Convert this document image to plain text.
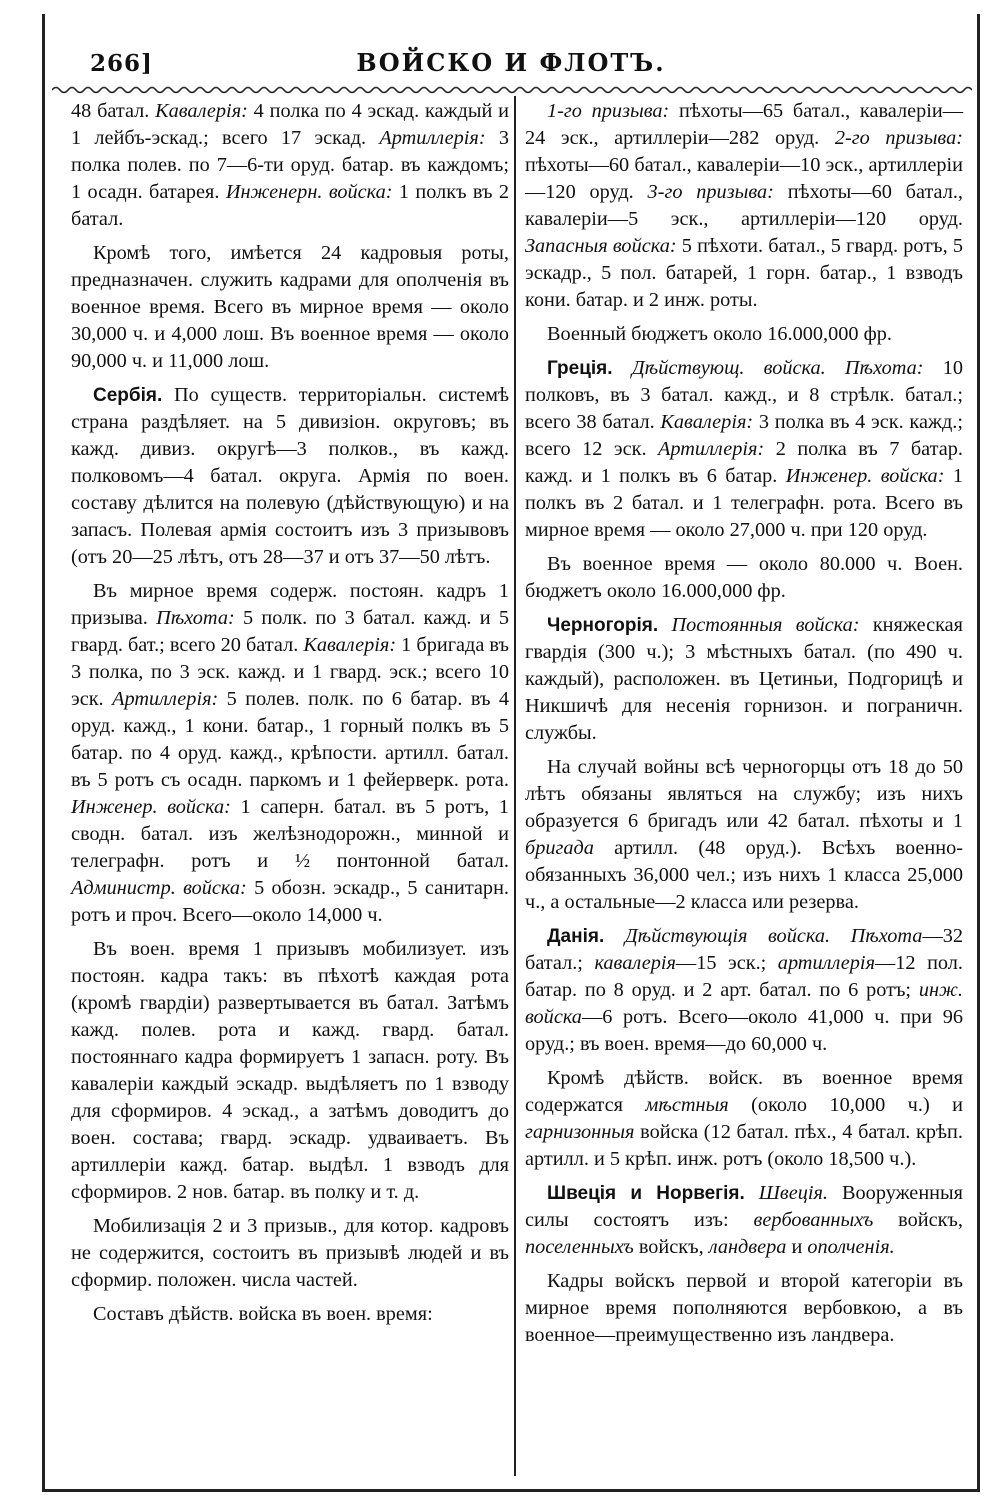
266]	ВОЙСКО И ФЛОТЪ.

48 батал. Кавалерія: 4 полка по 4 эскад. каждый и 1 лейбъ-эскад.; всего 17 эскад. Артиллерія: 3 полка полев. по 7—6-ти оруд. батар. въ каждомъ; 1 осадн. батарея. Инженерн. войска: 1 полкъ въ 2 батал.

Кромѣ того, имѣется 24 кадровыя роты, предназначен. служить кадрами для ополченія въ военное время. Всего въ мирное время — около 30,000 ч. и 4,000 лош. Въ военное время — около 90,000 ч. и 11,000 лош.

Сербія. По существ. территоріальн. системѣ страна раздѣляет. на 5 дивизіон. округовъ; въ кажд. дивиз. округѣ—3 полков., въ кажд. полковомъ—4 батал. округа. Армія по воен. составу дѣлится на полевую (дѣйствующую) и на запасъ. Полевая армія состоитъ изъ 3 призывовъ (отъ 20—25 лѣтъ, отъ 28—37 и отъ 37—50 лѣтъ.

Въ мирное время содерж. постоян. кадръ 1 призыва. Пѣхота: 5 полк. по 3 батал. кажд. и 5 гвард. бат.; всего 20 батал. Кавалерія: 1 бригада въ 3 полка, по 3 эск. кажд. и 1 гвард. эск.; всего 10 эск. Артиллерія: 5 полев. полк. по 6 батар. въ 4 оруд. кажд., 1 кони. батар., 1 горный полкъ въ 5 батар. по 4 оруд. кажд., крѣпости. артилл. батал. въ 5 ротъ съ осадн. паркомъ и 1 фейерверк. рота. Инженер. войска: 1 саперн. батал. въ 5 ротъ, 1 сводн. батал. изъ желѣзнодорожн., минной и телеграфн. ротъ и ½ понтонной батал. Администр. войска: 5 обозн. эскадр., 5 санитарн. ротъ и проч. Всего—около 14,000 ч.

Въ воен. время 1 призывъ мобилизует. изъ постоян. кадра такъ: въ пѣхотѣ каждая рота (кромѣ гвардіи) развертывается въ батал. Затѣмъ кажд. полев. рота и кажд. гвард. батал. постояннаго кадра формируетъ 1 запасн. роту. Въ кавалеріи каждый эскадр. выдѣляетъ по 1 взводу для сформиров. 4 эскад., а затѣмъ доводитъ до воен. состава; гвард. эскадр. удваиваетъ. Въ артиллеріи кажд. батар. выдѣл. 1 взводъ для сформиров. 2 нов. батар. въ полку и т. д.

Мобилизація 2 и 3 призыв., для котор. кадровъ не содержится, состоитъ въ призывѣ людей и въ сформир. положен. числа частей.

Составъ дѣйств. войска въ воен. время:

1-го призыва: пѣхоты—65 батал., кавалеріи—24 эск., артиллеріи—282 оруд. 2-го призыва: пѣхоты—60 батал., кавалеріи—10 эск., артиллеріи—120 оруд. 3-го призыва: пѣхоты—60 батал., кавалеріи—5 эск., артиллеріи—120 оруд. Запасныя войска: 5 пѣхоти. батал., 5 гвард. ротъ, 5 эскадр., 5 пол. батарей, 1 горн. батар., 1 взводъ кони. батар. и 2 инж. роты.

Военный бюджетъ около 16.000,000 фр.

Греція. Дѣйствующ. войска. Пѣхота: 10 полковъ, въ 3 батал. кажд., и 8 стрѣлк. батал.; всего 38 батал. Кавалерія: 3 полка въ 4 эск. кажд.; всего 12 эск. Артиллерія: 2 полка въ 7 батар. кажд. и 1 полкъ въ 6 батар. Инженер. войска: 1 полкъ въ 2 батал. и 1 телеграфн. рота. Всего въ мирное время — около 27,000 ч. при 120 оруд.

Въ военное время — около 80.000 ч. Воен. бюджетъ около 16.000,000 фр.

Черногорія. Постоянныя войска: княжеская гвардія (300 ч.); 3 мѣстныхъ батал. (по 490 ч. каждый), расположен. въ Цетиньи, Подгорицѣ и Никшичѣ для несенія горнизон. и пограничн. службы.

На случай войны всѣ черногорцы отъ 18 до 50 лѣтъ обязаны являться на службу; изъ нихъ образуется 6 бригадъ или 42 батал. пѣхоты и 1 бригада артилл. (48 оруд.). Всѣхъ военно-обязанныхъ 36,000 чел.; изъ нихъ 1 класса 25,000 ч., а остальные—2 класса или резерва.

Данія. Дѣйствующія войска. Пѣхота—32 батал.; кавалерія—15 эск.; артиллерія—12 пол. батар. по 8 оруд. и 2 арт. батал. по 6 ротъ; инж. войска—6 ротъ. Всего—около 41,000 ч. при 96 оруд.; въ воен. время—до 60,000 ч.

Кромѣ дѣйств. войск. въ военное время содержатся мѣстныя (около 10,000 ч.) и гарнизонныя войска (12 батал. пѣх., 4 батал. крѣп. артилл. и 5 крѣп. инж. ротъ (около 18,500 ч.).

Швеція и Норвегія. Швеція. Вооруженныя силы состоятъ изъ: вербованныхъ войскъ, поселенныхъ войскъ, ландвера и ополченія.

Кадры войскъ первой и второй категоріи въ мирное время пополняются вербовкою, а въ военное—преимущественно изъ ландвера.
